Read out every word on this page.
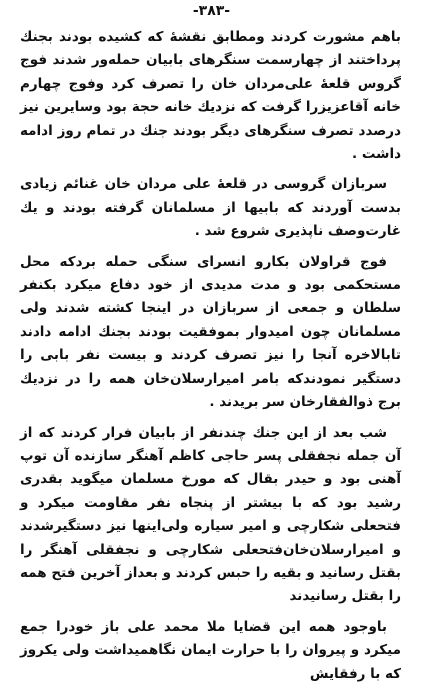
-۳۸۳-

باهم مشورت کردند ومطابق نقشهٔ که کشیده بودند بجنك پرداختند از چهارسمت سنگرهای بابیان حمله‌ور شدند فوج گروس قلعهٔ علی‌مردان خان را تصرف کرد وفوج چهارم خانه آقاعزیزرا گرفت که نزدیك خانه حجة بود وسایرین نیز درصدد تصرف سنگرهای دیگر بودند جنك در تمام روز ادامه داشت .

سربازان گروسی در قلعهٔ علی مردان خان غنائم زیادی بدست آوردند که بابیها از مسلمانان گرفته بودند و یك غارت‌وصف ناپذیری شروع شد .

فوج قراولان بکارو انسرای سنگی حمله بردکه محل مستحکمی بود و مدت مدیدی از خود دفاع میکرد بکنفر سلطان و جمعی از سربازان در اینجا کشته شدند ولی مسلمانان چون امیدوار بموفقیت بودند بجنك ادامه دادند تابالاخره آنجا را نیز تصرف کردند و بیست نفر بابی را دستگیر نمودندکه بامر امیرارسلان‌خان همه را در نزدیك برج ذوالفقارخان سر بریدند .

شب بعد از این جنك چندنفر از بابیان فرار کردند که از آن جمله نجفقلی پسر حاجی کاظم آهنگر سازنده آن توپ آهنی بود و حیدر بقال که مورخ مسلمان میگوید بقدری رشید بود که با بیشتر از پنجاه نفر مقاومت میکرد و فتحعلی شکارچی و امیر سیاره ولی‌اینها نیز دستگیرشدند و امیرارسلان‌خان‌فتحعلی شکارچی و نجفقلی آهنگر را بقتل رسانید و بقیه را حبس کردند و بعداز آخرین فتح همه را بقتل رسانیدند

باوجود همه این قضایا ملا محمد علی باز خودرا جمع میکرد و پیروان را با حرارت ایمان نگاهمیداشت ولی یکروز که با رفقایش
